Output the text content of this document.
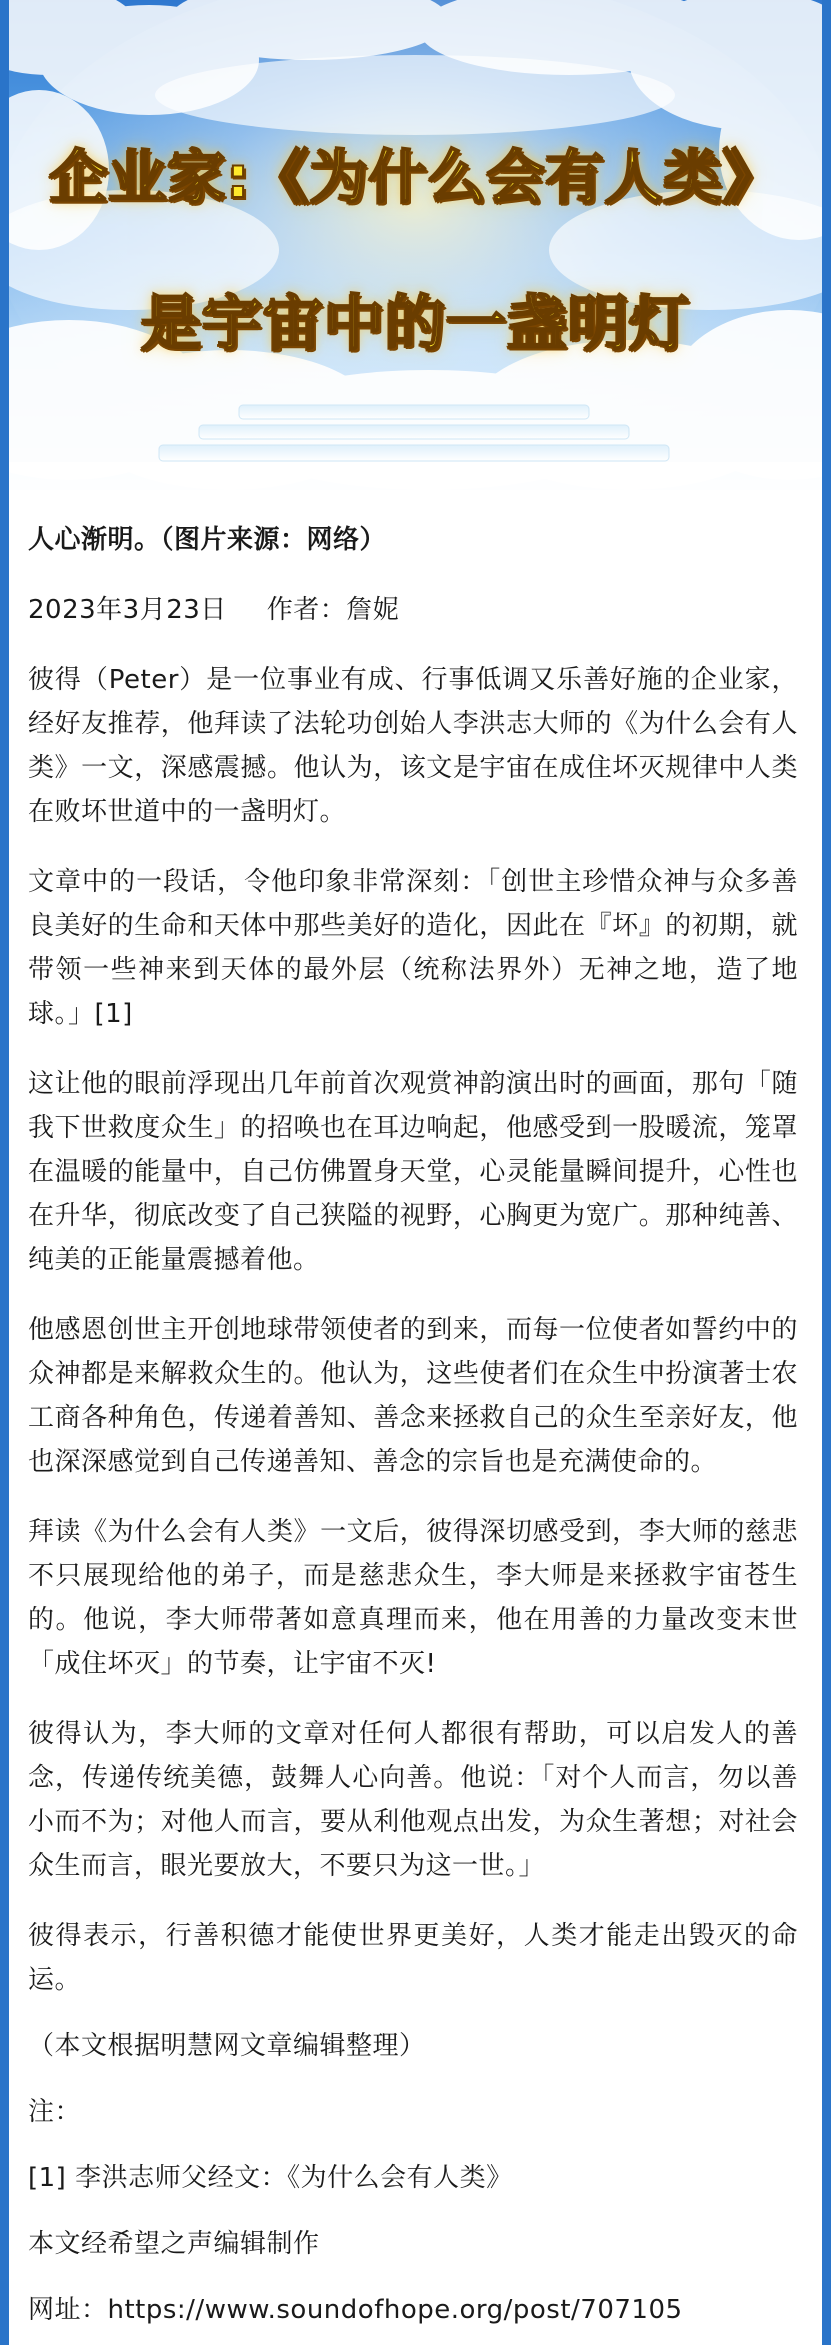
企业家:《为什么会有人类》
是宇宙中的一盏明灯

人心渐明。（图片来源：网络）

2023年3月23日 作者：詹妮

彼得（Peter）是一位事业有成、行事低调又乐善好施的企业家，经好友推荐，他拜读了法轮功创始人李洪志大师的《为什么会有人类》一文，深感震撼。他认为，该文是宇宙在成住坏灭规律中人类在败坏世道中的一盏明灯。

文章中的一段话，令他印象非常深刻：「创世主珍惜众神与众多善良美好的生命和天体中那些美好的造化，因此在『坏』的初期，就带领一些神来到天体的最外层（统称法界外）无神之地，造了地球。」[1]

这让他的眼前浮现出几年前首次观赏神韵演出时的画面，那句「随我下世救度众生」的招唤也在耳边响起，他感受到一股暖流，笼罩在温暖的能量中，自己仿佛置身天堂，心灵能量瞬间提升，心性也在升华，彻底改变了自己狭隘的视野，心胸更为宽广。那种纯善、纯美的正能量震撼着他。

他感恩创世主开创地球带领使者的到来，而每一位使者如誓约中的众神都是来解救众生的。他认为，这些使者们在众生中扮演著士农工商各种角色，传递着善知、善念来拯救自己的众生至亲好友，他也深深感觉到自己传递善知、善念的宗旨也是充满使命的。

拜读《为什么会有人类》一文后，彼得深切感受到，李大师的慈悲不只展现给他的弟子，而是慈悲众生，李大师是来拯救宇宙苍生的。他说，李大师带著如意真理而来，他在用善的力量改变末世「成住坏灭」的节奏，让宇宙不灭!

彼得认为，李大师的文章对任何人都很有帮助，可以启发人的善念，传递传统美德，鼓舞人心向善。他说：「对个人而言，勿以善小而不为；对他人而言，要从利他观点出发，为众生著想；对社会众生而言，眼光要放大，不要只为这一世。」

彼得表示，行善积德才能使世界更美好，人类才能走出毁灭的命运。

（本文根据明慧网文章编辑整理）

注：

[1] 李洪志师父经文：《为什么会有人类》

本文经希望之声编辑制作

网址：https://www.soundofhope.org/post/707105
